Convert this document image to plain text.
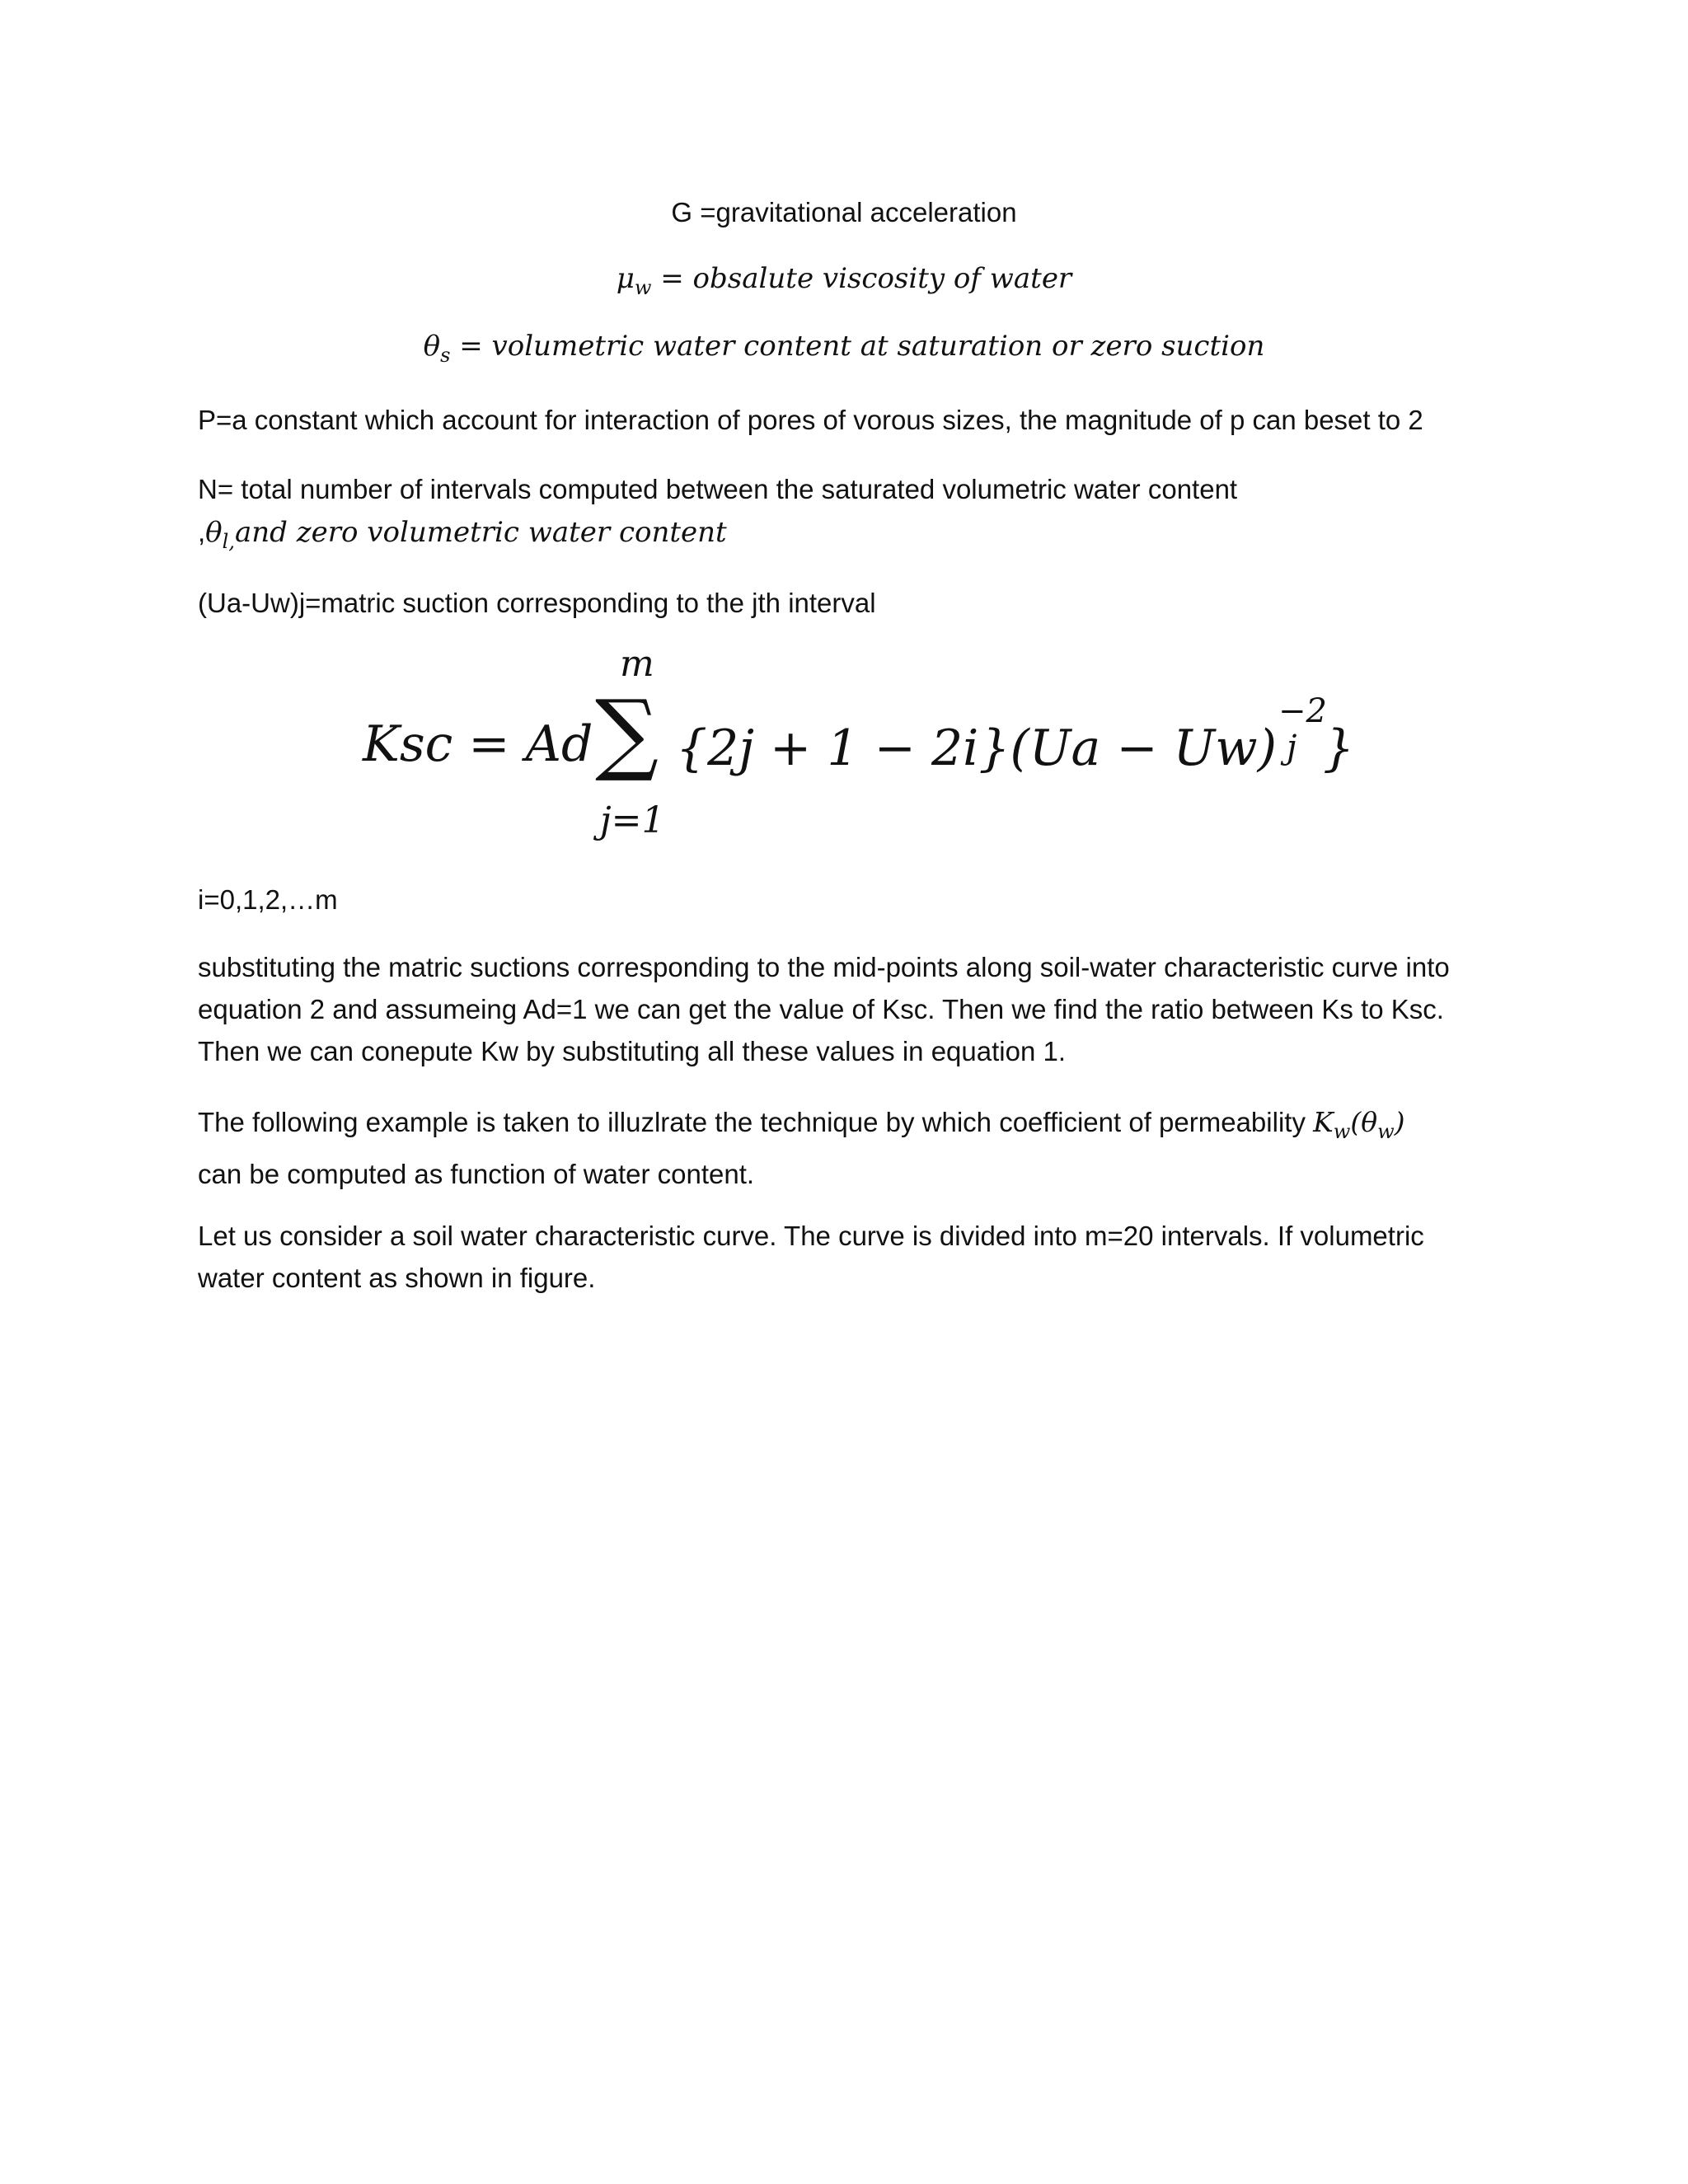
G =gravitational acceleration
$\mu_w$ = obsalute viscosity of water
$\theta_s$ = volumetric water content at saturation or zero suction
P=a constant which account for interaction of pores of vorous sizes, the magnitude of p can beset to 2
N= total number of intervals computed between the saturated volumetric water content
$,\theta_{l,}and$ zero volumetric water content
(Ua-Uw)j=matric suction corresponding to the jth interval
Ksc = Ad
m
∑
j=1
{2j + 1 − 2i}(Ua − Uw)
−2
j }
i=0,1,2,…m
substituting the matric suctions corresponding to the mid-points along soil-water characteristic curve into equation 2 and assumeing Ad=1 we can get the value of Ksc. Then we find the ratio between Ks to Ksc. Then we can conepute Kw by substituting all these values in equation 1.
The following example is taken to illuzlrate the technique by which coefficient of permeability $K_w(\theta_w)$
can be computed as function of water content.
Let us consider a soil water characteristic curve. The curve is divided into m=20 intervals. If volumetric water content as shown in figure.
